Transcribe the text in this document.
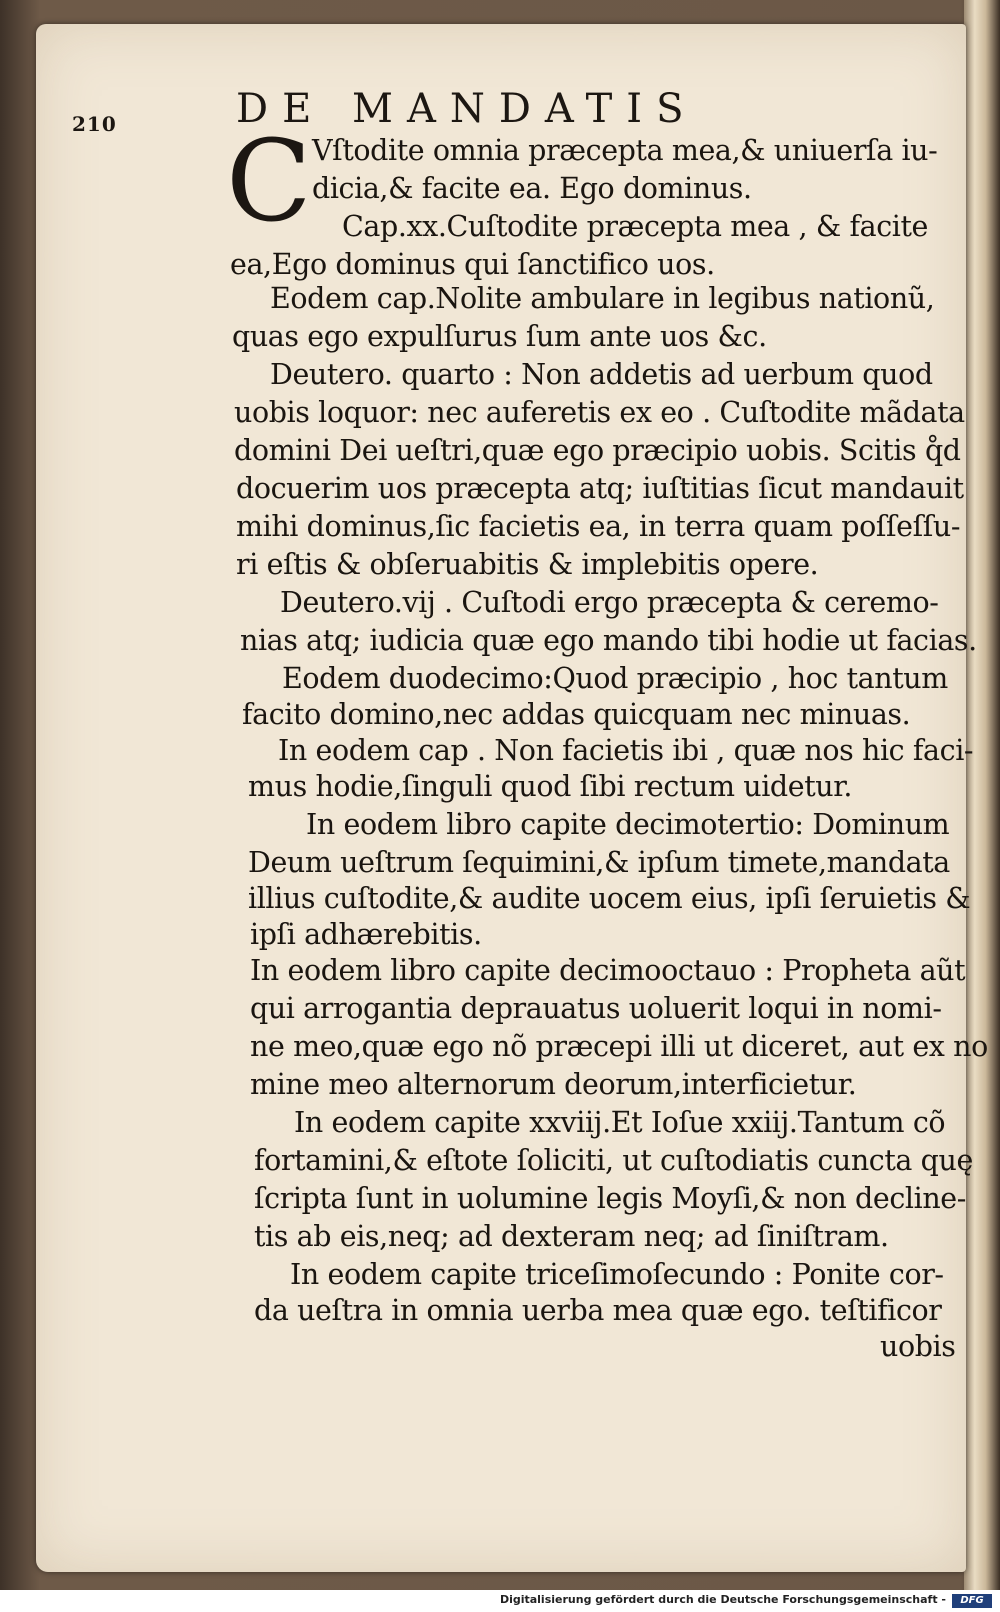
210	DE MANDATIS
C Vſtodite omnia præcepta mea,& uniuerſa iu-
dicia,& facite ea. Ego dominus.
Cap.xx.Cuſtodite præcepta mea , & facite
ea,Ego dominus qui ſanctifico uos.
Eodem cap.Nolite ambulare in legibus nationũ,
quas ego expulſurus ſum ante uos &c.
Deutero. quarto : Non addetis ad uerbum quod
uobis loquor: nec auferetis ex eo . Cuſtodite mãdata
domini Dei ueſtri,quæ ego præcipio uobis. Scitis q̊d
docuerim uos præcepta atq; iuſtitias ſicut mandauit
mihi dominus,ſic facietis ea, in terra quam poſſeſſu-
ri eſtis & obſeruabitis & implebitis opere.
Deutero.vij . Cuſtodi ergo præcepta & ceremo-
nias atq; iudicia quæ ego mando tibi hodie ut facias.
Eodem duodecimo:Quod præcipio , hoc tantum
facito domino,nec addas quicquam nec minuas.
In eodem cap . Non facietis ibi , quæ nos hic faci-
mus hodie,ſinguli quod ſibi rectum uidetur.
In eodem libro capite decimotertio: Dominum
Deum ueſtrum ſequimini,& ipſum timete,mandata
illius cuſtodite,& audite uocem eius, ipſi ſeruietis &
ipſi adhærebitis.
In eodem libro capite decimooctauo : Propheta aũt
qui arrogantia deprauatus uoluerit loqui in nomi-
ne meo,quæ ego nõ præcepi illi ut diceret, aut ex no
mine meo alternorum deorum,interficietur.
In eodem capite xxviij.Et Ioſue xxiij.Tantum cõ
fortamini,& eſtote ſoliciti, ut cuſtodiatis cuncta quę
ſcripta ſunt in uolumine legis Moyſi,& non decline-
tis ab eis,neq; ad dexteram neq; ad ſiniſtram.
In eodem capite triceſimoſecundo : Ponite cor-
da ueſtra in omnia uerba mea quæ ego. teſtificor
uobis
Digitalisierung gefördert durch die Deutsche Forschungsgemeinschaft -	DFG
